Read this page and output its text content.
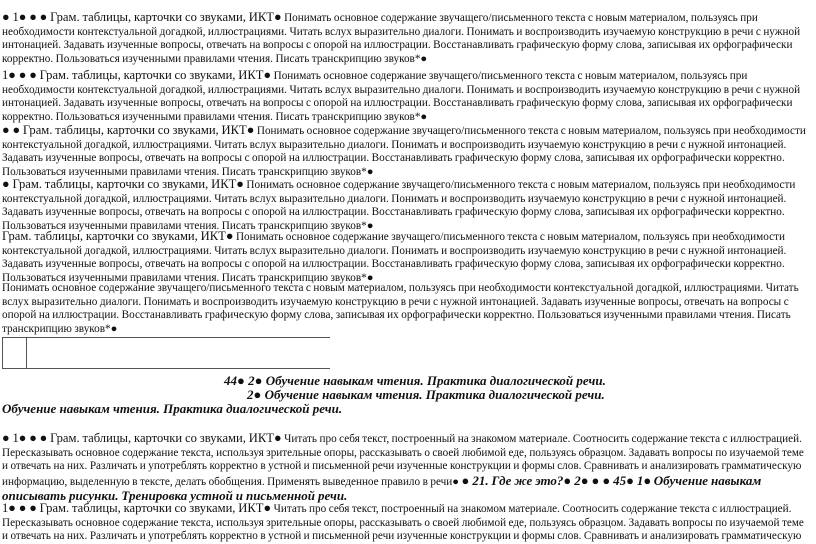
● 1● ● ● Грам. таблицы, карточки со звуками, ИКТ● Понимать основное содержание звучащего/письменного текста с новым материалом, пользуясь при необходимости контекстуальной догадкой, иллюстрациями. Читать вслух выразительно диалоги. Понимать и воспроизводить изучаемую конструкцию в речи с нужной интонацией. Задавать изученные вопросы, отвечать на вопросы с опорой на иллюстрации. Восстанавливать графическую форму слова, записывая их орфографически корректно. Пользоваться изученными правилами чтения. Писать транскрипцию звуков*●
1● ● ● Грам. таблицы, карточки со звуками, ИКТ● Понимать основное содержание звучащего/письменного текста с новым материалом, пользуясь при необходимости контекстуальной догадкой, иллюстрациями. Читать вслух выразительно диалоги. Понимать и воспроизводить изучаемую конструкцию в речи с нужной интонацией. Задавать изученные вопросы, отвечать на вопросы с опорой на иллюстрации. Восстанавливать графическую форму слова, записывая их орфографически корректно. Пользоваться изученными правилами чтения. Писать транскрипцию звуков*●
● ● Грам. таблицы, карточки со звуками, ИКТ● Понимать основное содержание звучащего/письменного текста с новым материалом, пользуясь при необходимости контекстуальной догадкой, иллюстрациями. Читать вслух выразительно диалоги. Понимать и воспроизводить изучаемую конструкцию в речи с нужной интонацией. Задавать изученные вопросы, отвечать на вопросы с опорой на иллюстрации. Восстанавливать графическую форму слова, записывая их орфографически корректно. Пользоваться изученными правилами чтения. Писать транскрипцию звуков*●
● Грам. таблицы, карточки со звуками, ИКТ● Понимать основное содержание звучащего/письменного текста с новым материалом, пользуясь при необходимости контекстуальной догадкой, иллюстрациями. Читать вслух выразительно диалоги. Понимать и воспроизводить изучаемую конструкцию в речи с нужной интонацией. Задавать изученные вопросы, отвечать на вопросы с опорой на иллюстрации. Восстанавливать графическую форму слова, записывая их орфографически корректно. Пользоваться изученными правилами чтения. Писать транскрипцию звуков*●
Грам. таблицы, карточки со звуками, ИКТ● Понимать основное содержание звучащего/письменного текста с новым материалом, пользуясь при необходимости контекстуальной догадкой, иллюстрациями. Читать вслух выразительно диалоги. Понимать и воспроизводить изучаемую конструкцию в речи с нужной интонацией. Задавать изученные вопросы, отвечать на вопросы с опорой на иллюстрации. Восстанавливать графическую форму слова, записывая их орфографически корректно. Пользоваться изученными правилами чтения. Писать транскрипцию звуков*●
Понимать основное содержание звучащего/письменного текста с новым материалом, пользуясь при необходимости контекстуальной догадкой, иллюстрациями. Читать вслух выразительно диалоги. Понимать и воспроизводить изучаемую конструкцию в речи с нужной интонацией. Задавать изученные вопросы, отвечать на вопросы с опорой на иллюстрации. Восстанавливать графическую форму слова, записывая их орфографически корректно. Пользоваться изученными правилами чтения. Писать транскрипцию звуков*●
44● 2● Обучение навыкам чтения. Практика диалогической речи.
2● Обучение навыкам чтения. Практика диалогической речи.
Обучение навыкам чтения. Практика диалогической речи.
● 1● ● ● Грам. таблицы, карточки со звуками, ИКТ● Читать про себя текст, построенный на знакомом материале. Соотносить содержание текста с иллюстрацией. Пересказывать основное содержание текста, используя зрительные опоры, рассказывать о своей любимой еде, пользуясь образцом. Задавать вопросы по изучаемой теме и отвечать на них. Различать и употреблять корректно в устной и письменной речи изученные конструкции и формы слов. Сравнивать и анализировать грамматическую информацию, выделенную в тексте, делать обобщения. Применять выведенное правило в речи● ● 21. Где же это?● 2● ● ● 45● 1● Обучение навыкам описывать рисунки. Тренировка устной и письменной речи.
1● ● ● Грам. таблицы, карточки со звуками, ИКТ● Читать про себя текст, построенный на знакомом материале. Соотносить содержание текста с иллюстрацией. Пересказывать основное содержание текста, используя зрительные опоры, рассказывать о своей любимой еде, пользуясь образцом. Задавать вопросы по изучаемой теме и отвечать на них. Различать и употреблять корректно в устной и письменной речи изученные конструкции и формы слов. Сравнивать и анализировать грамматическую
